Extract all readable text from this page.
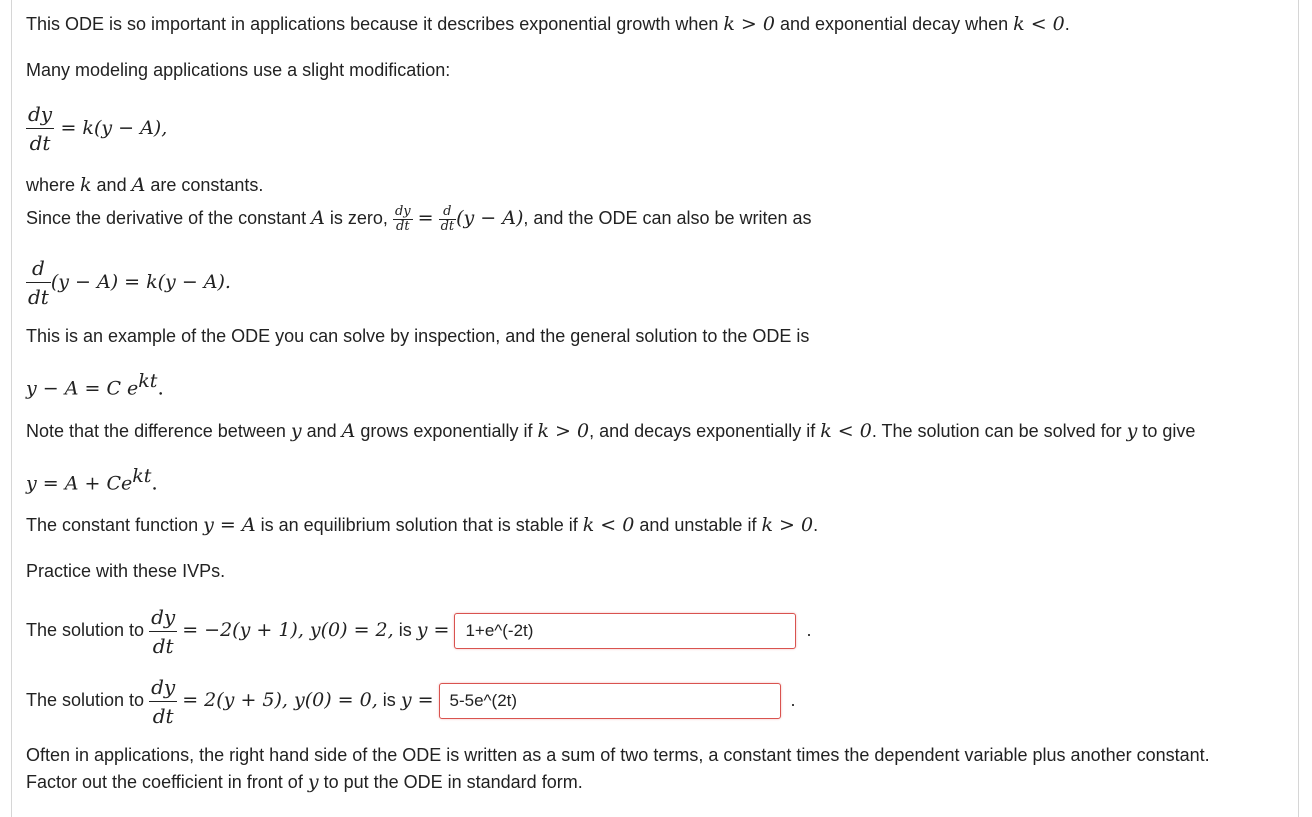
This ODE is so important in applications because it describes exponential growth when k > 0 and exponential decay when k < 0.
Many modeling applications use a slight modification:
$\frac{dy}{dt} = k(y - A)$,
where k and A are constants.
Since the derivative of the constant A is zero, $\frac{dy}{dt} = \frac{d}{dt} (y - A)$, and the ODE can also be writen as
$\frac{d}{dt} (y - A) = k(y - A)$.
This is an example of the ODE you can solve by inspection, and the general solution to the ODE is
y − A = C $e^{kt}$.
Note that the difference between y and A grows exponentially if k > 0, and decays exponentially if k < 0. The solution can be solved for y to give
$y = A + Ce^{kt}$.
The constant function y = A is an equilibrium solution that is stable if k < 0 and unstable if k > 0.
Practice with these IVPs.
The solution to $\frac{dy}{dt} = -2(y + 1)$, y(0) = 2, is y = 1+e^(-2t)	.
The solution to $\frac{dy}{dt} = 2(y + 5)$, y(0) = 0, is y = 5-5e^(2t)	.
Often in applications, the right hand side of the ODE is written as a sum of two terms, a constant times the dependent variable plus another constant.
Factor out the coefficient in front of y to put the ODE in standard form.
